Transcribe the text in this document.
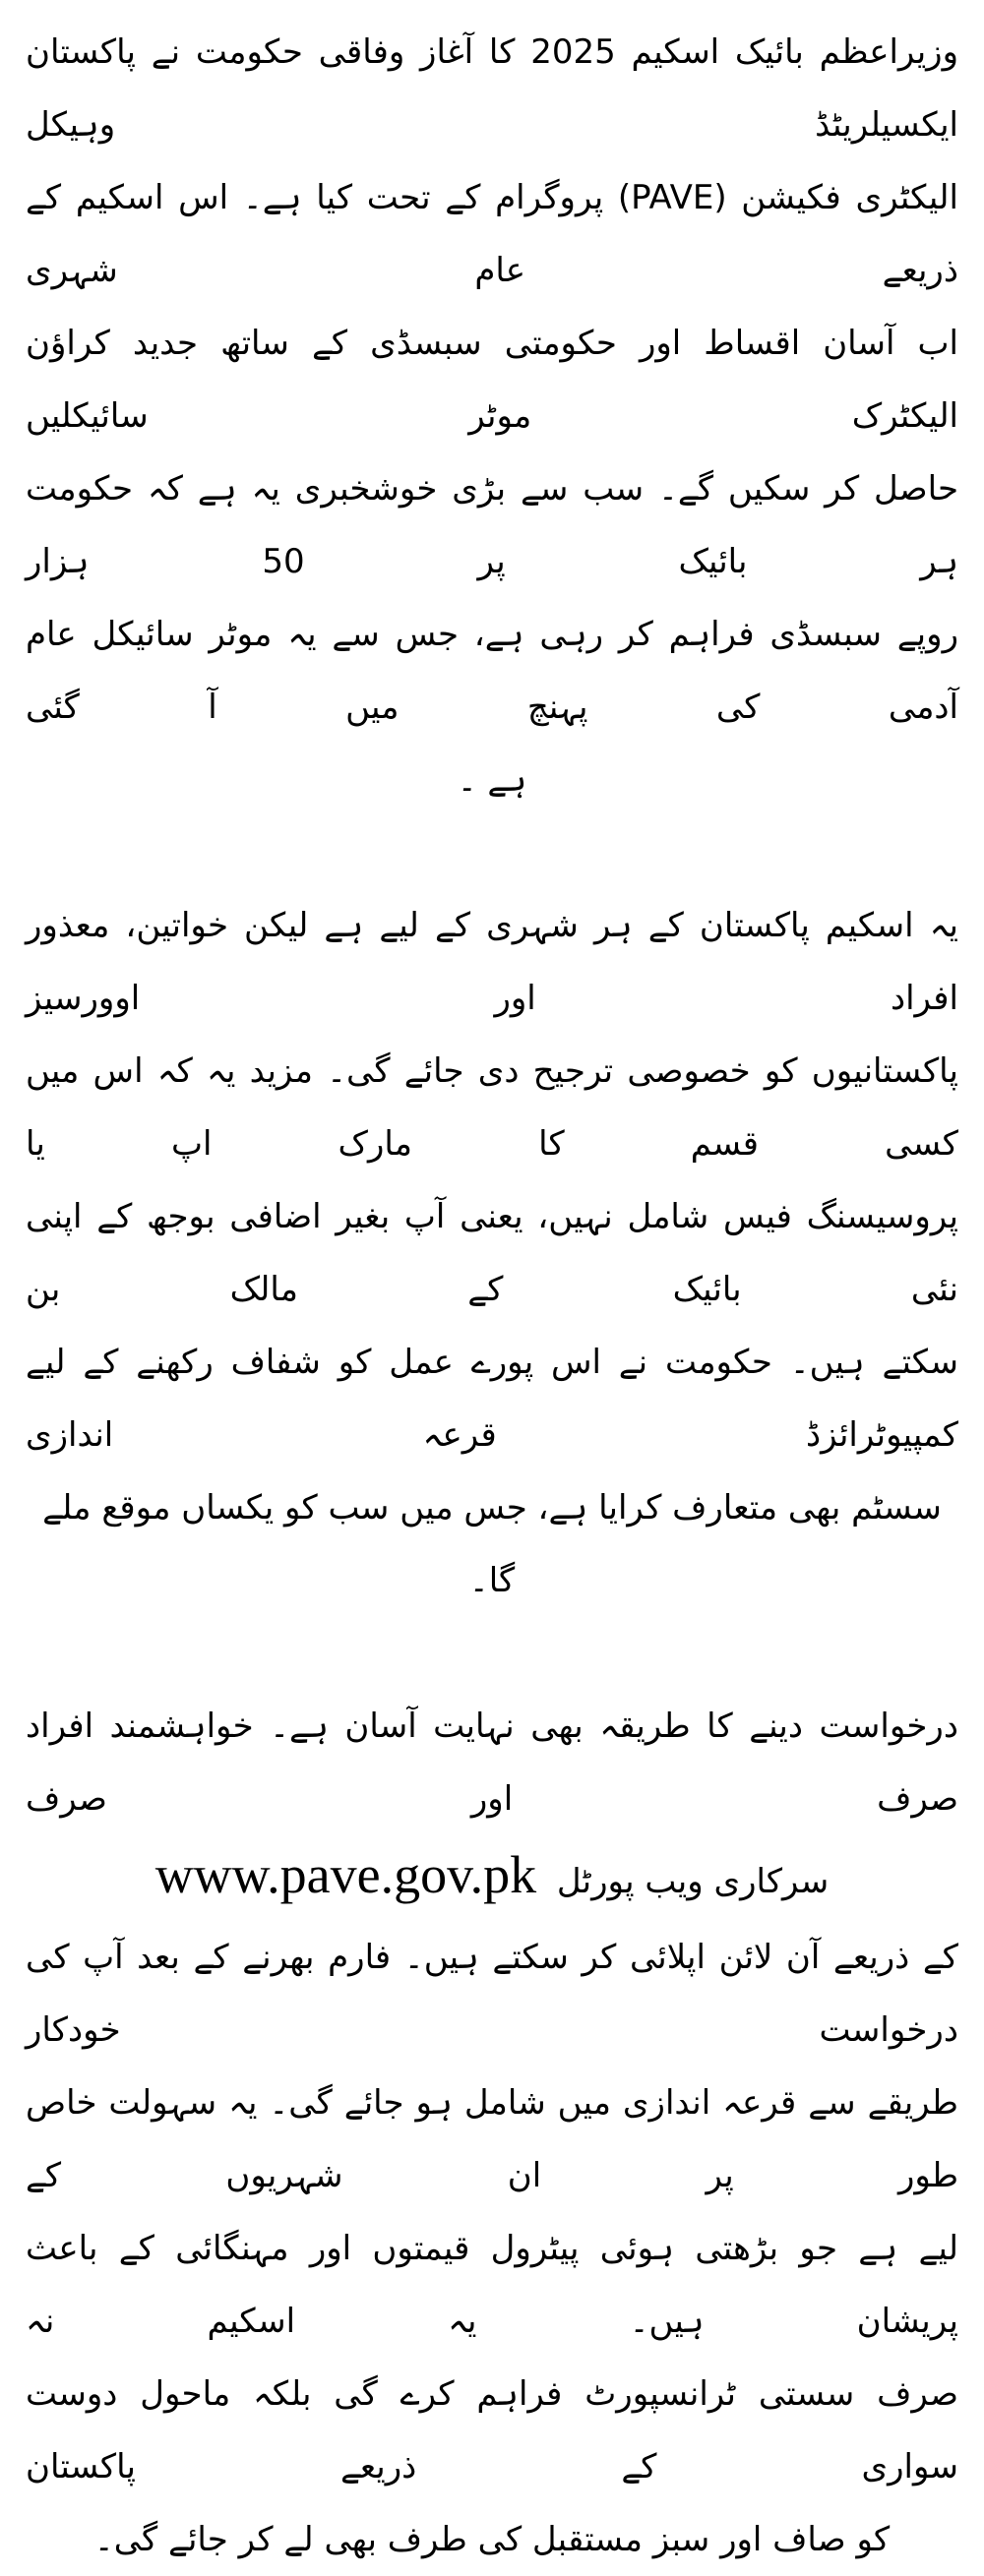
وزیراعظم بائیک اسکیم 2025 کا آغاز وفاقی حکومت نے پاکستان ایکسیلریٹڈ وہیکل
الیکٹری فکیشن (PAVE) پروگرام کے تحت کیا ہے۔ اس اسکیم کے ذریعے عام شہری
اب آسان اقساط اور حکومتی سبسڈی کے ساتھ جدید کراؤن الیکٹرک موٹر سائیکلیں
حاصل کر سکیں گے۔ سب سے بڑی خوشخبری یہ ہے کہ حکومت ہر بائیک پر 50 ہزار
روپے سبسڈی فراہم کر رہی ہے، جس سے یہ موٹر سائیکل عام آدمی کی پہنچ میں آ گئی
ہے ۔
یہ اسکیم پاکستان کے ہر شہری کے لیے ہے لیکن خواتین، معذور افراد اور اوورسیز
پاکستانیوں کو خصوصی ترجیح دی جائے گی۔ مزید یہ کہ اس میں کسی قسم کا مارک اپ یا
پروسیسنگ فیس شامل نہیں، یعنی آپ بغیر اضافی بوجھ کے اپنی نئی بائیک کے مالک بن
سکتے ہیں۔ حکومت نے اس پورے عمل کو شفاف رکھنے کے لیے کمپیوٹرائزڈ قرعہ اندازی
سسٹم بھی متعارف کرایا ہے، جس میں سب کو یکساں موقع ملے گا۔
درخواست دینے کا طریقہ بھی نہایت آسان ہے۔ خواہشمند افراد صرف اور صرف
سرکاری ویب پورٹل www.pave.gov.pk
کے ذریعے آن لائن اپلائی کر سکتے ہیں۔ فارم بھرنے کے بعد آپ کی درخواست خودکار
طریقے سے قرعہ اندازی میں شامل ہو جائے گی۔ یہ سہولت خاص طور پر ان شہریوں کے
لیے ہے جو بڑھتی ہوئی پیٹرول قیمتوں اور مہنگائی کے باعث پریشان ہیں۔ یہ اسکیم نہ
صرف سستی ٹرانسپورٹ فراہم کرے گی بلکہ ماحول دوست سواری کے ذریعے پاکستان
کو صاف اور سبز مستقبل کی طرف بھی لے کر جائے گی۔
